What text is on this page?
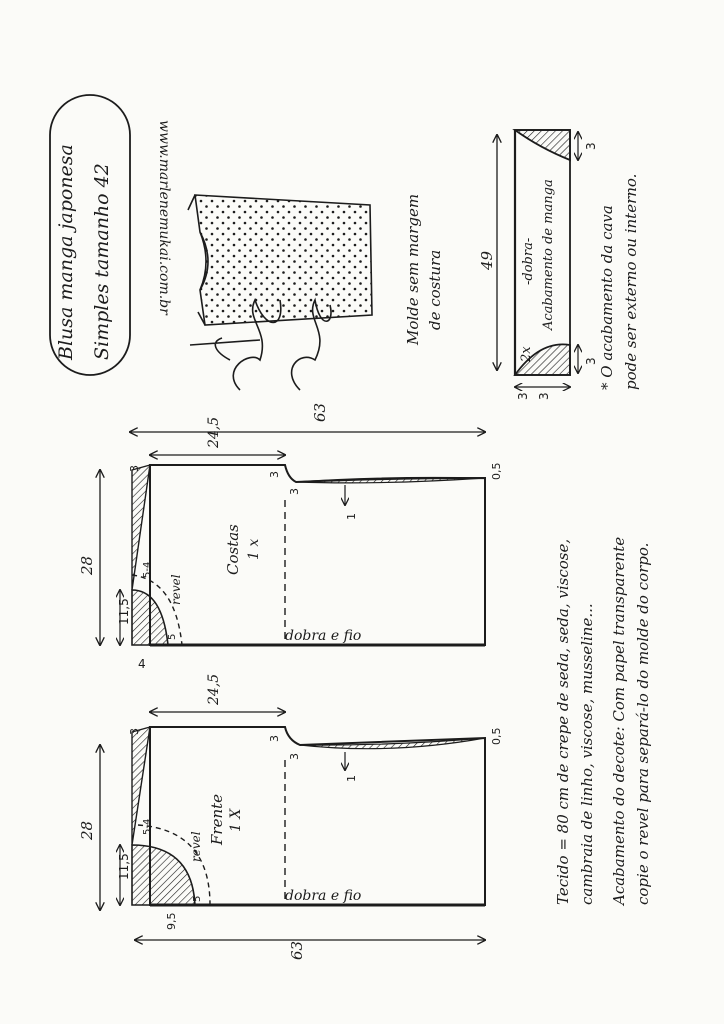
Blusa manga japonesa Simples tamanho 42	www.marlenemukai.com.br	Molde sem margem de costura	Acabamento de manga
-dobra-
49
2x
3
3
3 3
* O acabamento da cava pode ser externo ou interno.
Costas 1 x
dobra e fio
revel
63
28
24,5
11,5
4
3
3
3
0,5
1
5
5-4
Frente 1 X
dobra e fio
revel
63
28
24,5
11,5
9,5
3
3
3
0,5
1
5
5-4	Tecido = 80 cm de crepe de seda, seda, viscose, cambraia de linho, viscose, musseline... Acabamento do decote: Com papel transparente copie o revel para separá-lo do molde do corpo.
